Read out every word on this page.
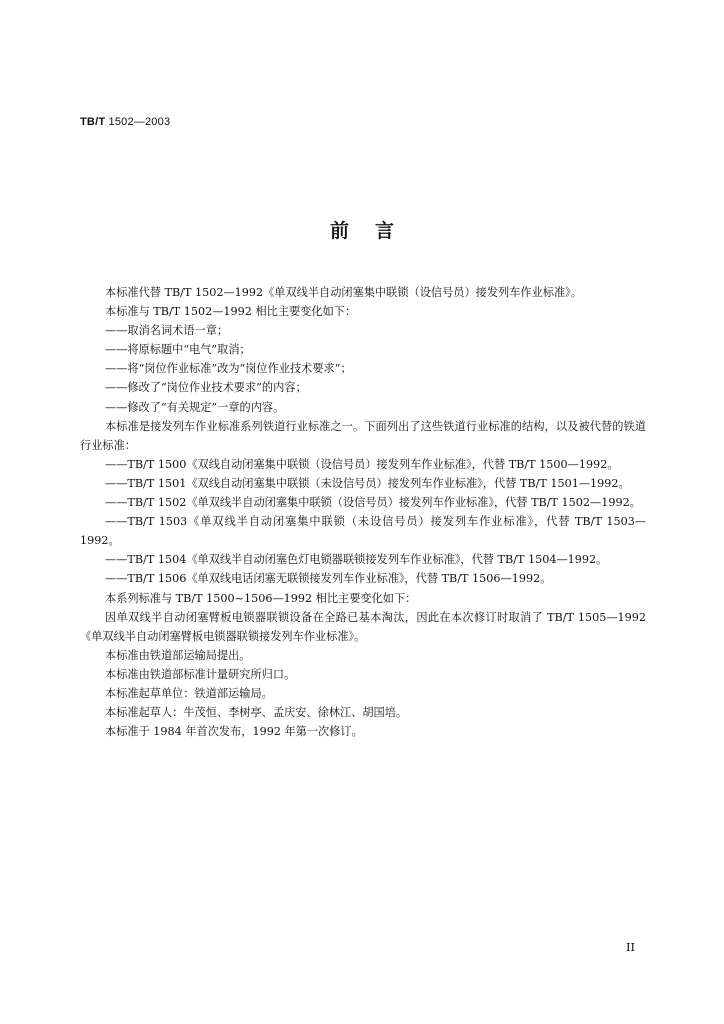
TB/T 1502—2003
前言

本标准代替 TB/T 1502—1992《单双线半自动闭塞集中联锁（设信号员）接发列车作业标准》。

本标准与 TB/T 1502—1992 相比主要变化如下：

——取消名词术语一章；

——将原标题中“电气”取消；

——将“岗位作业标准”改为“岗位作业技术要求”；

——修改了“岗位作业技术要求”的内容；

——修改了“有关规定”一章的内容。

本标准是接发列车作业标准系列铁道行业标准之一。下面列出了这些铁道行业标准的结构，以及被代替的铁道行业标准：

——TB/T 1500《双线自动闭塞集中联锁（设信号员）接发列车作业标准》，代替 TB/T 1500—1992。

——TB/T 1501《双线自动闭塞集中联锁（未设信号员）接发列车作业标准》，代替 TB/T 1501—1992。

——TB/T 1502《单双线半自动闭塞集中联锁（设信号员）接发列车作业标准》，代替 TB/T 1502—1992。

——TB/T 1503《单双线半自动闭塞集中联锁（未设信号员）接发列车作业标准》，代替 TB/T 1503—1992。

——TB/T 1504《单双线半自动闭塞色灯电锁器联锁接发列车作业标准》，代替 TB/T 1504—1992。

——TB/T 1506《单双线电话闭塞无联锁接发列车作业标准》，代替 TB/T 1506—1992。

本系列标准与 TB/T 1500~1506—1992 相比主要变化如下：

因单双线半自动闭塞臂板电锁器联锁设备在全路已基本淘汰，因此在本次修订时取消了 TB/T 1505—1992《单双线半自动闭塞臂板电锁器联锁接发列车作业标准》。

本标准由铁道部运输局提出。

本标准由铁道部标准计量研究所归口。

本标准起草单位：铁道部运输局。

本标准起草人：牛茂恒、李树亭、孟庆安、徐林江、胡国培。

本标准于 1984 年首次发布，1992 年第一次修订。

II
